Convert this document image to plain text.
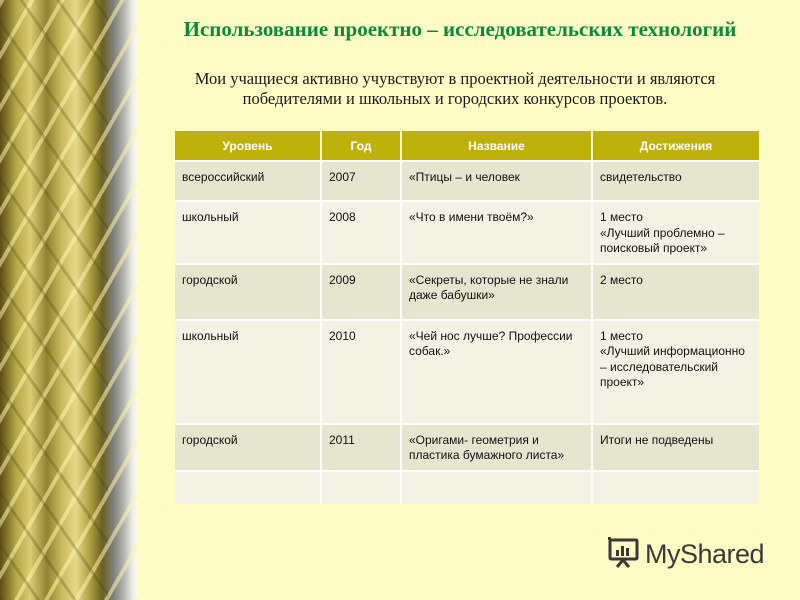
Использование проектно – исследовательских технологий

Мои учащиеся активно учувствуют в проектной деятельности и являются победителями и школьных и городских конкурсов проектов.

Уровень	Год	Название	Достижения
всероссийский	2007	«Птицы – и человек	свидетельство
школьный	2008	«Что в имени твоём?»	1 место
«Лучший проблемно – поисковый проект»
городской	2009	«Секреты, которые не знали даже бабушки»	2 место
школьный	2010	«Чей нос лучше? Профессии собак.»	1 место
«Лучший информационно – исследовательский проект»
городской	2011	«Оригами- геометрия и пластика бумажного листа»	Итоги не подведены

MyShared
